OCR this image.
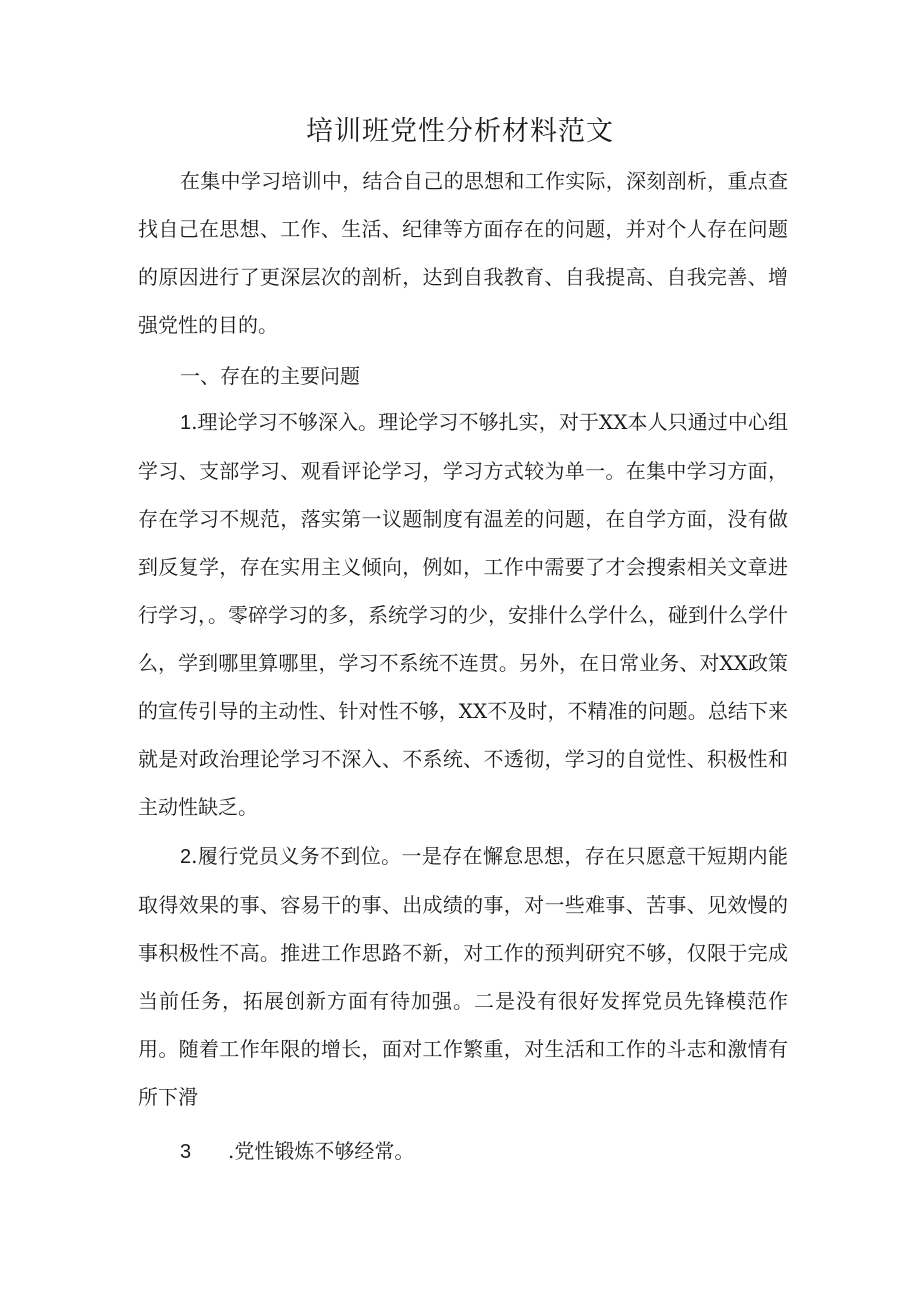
培训班党性分析材料范文

在集中学习培训中，结合自己的思想和工作实际，深刻剖析，重点查找自己在思想、工作、生活、纪律等方面存在的问题，并对个人存在问题的原因进行了更深层次的剖析，达到自我教育、自我提高、自我完善、增强党性的目的。

一、存在的主要问题

1.理论学习不够深入。理论学习不够扎实，对于XX本人只通过中心组学习、支部学习、观看评论学习，学习方式较为单一。在集中学习方面，存在学习不规范，落实第一议题制度有温差的问题，在自学方面，没有做到反复学，存在实用主义倾向，例如，工作中需要了才会搜索相关文章进行学习，。零碎学习的多，系统学习的少，安排什么学什么，碰到什么学什么，学到哪里算哪里，学习不系统不连贯。另外，在日常业务、对XX政策的宣传引导的主动性、针对性不够，XX不及时，不精准的问题。总结下来就是对政治理论学习不深入、不系统、不透彻，学习的自觉性、积极性和主动性缺乏。

2.履行党员义务不到位。一是存在懈怠思想，存在只愿意干短期内能取得效果的事、容易干的事、出成绩的事，对一些难事、苦事、见效慢的事积极性不高。推进工作思路不新，对工作的预判研究不够，仅限于完成当前任务，拓展创新方面有待加强。二是没有很好发挥党员先锋模范作用。随着工作年限的增长，面对工作繁重，对生活和工作的斗志和激情有所下滑

3 .党性锻炼不够经常。
